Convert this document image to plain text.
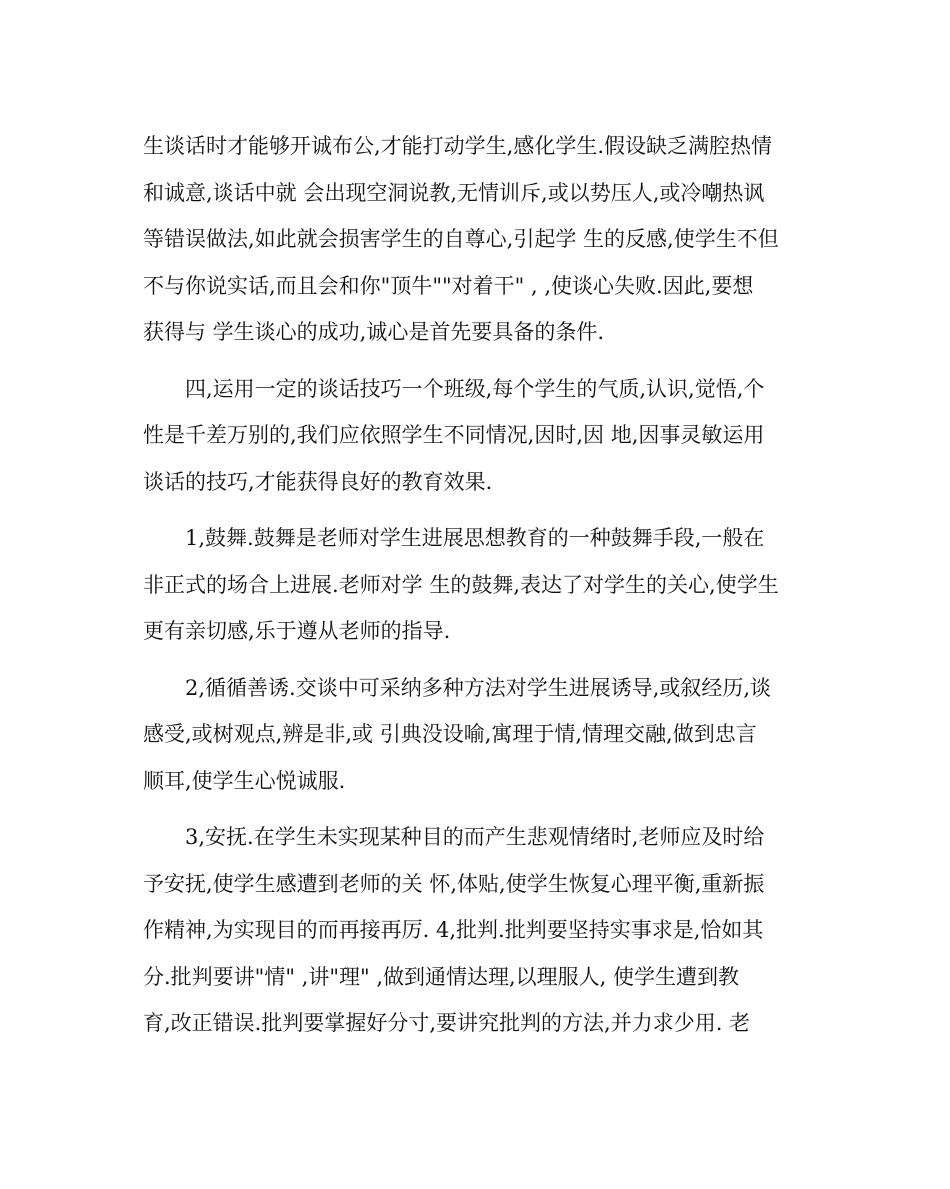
生谈话时才能够开诚布公,才能打动学生,感化学生.假设缺乏满腔热情
和诚意,谈话中就 会出现空洞说教,无情训斥,或以势压人,或冷嘲热讽
等错误做法,如此就会损害学生的自尊心,引起学 生的反感,使学生不但
不与你说实话,而且会和你"顶牛""对着干" , ,使谈心失败.因此,要想
获得与 学生谈心的成功,诚心是首先要具备的条件.
四,运用一定的谈话技巧一个班级,每个学生的气质,认识,觉悟,个
性是千差万别的,我们应依照学生不同情况,因时,因 地,因事灵敏运用
谈话的技巧,才能获得良好的教育效果.
1,鼓舞.鼓舞是老师对学生进展思想教育的一种鼓舞手段,一般在
非正式的场合上进展.老师对学 生的鼓舞,表达了对学生的关心,使学生
更有亲切感,乐于遵从老师的指导.
2,循循善诱.交谈中可采纳多种方法对学生进展诱导,或叙经历,谈
感受,或树观点,辨是非,或 引典没设喻,寓理于情,情理交融,做到忠言
顺耳,使学生心悦诚服.
3,安抚.在学生未实现某种目的而产生悲观情绪时,老师应及时给
予安抚,使学生感遭到老师的关 怀,体贴,使学生恢复心理平衡,重新振
作精神,为实现目的而再接再厉. 4,批判.批判要坚持实事求是,恰如其
分.批判要讲"情" ,讲"理" ,做到通情达理,以理服人, 使学生遭到教
育,改正错误.批判要掌握好分寸,要讲究批判的方法,并力求少用. 老
